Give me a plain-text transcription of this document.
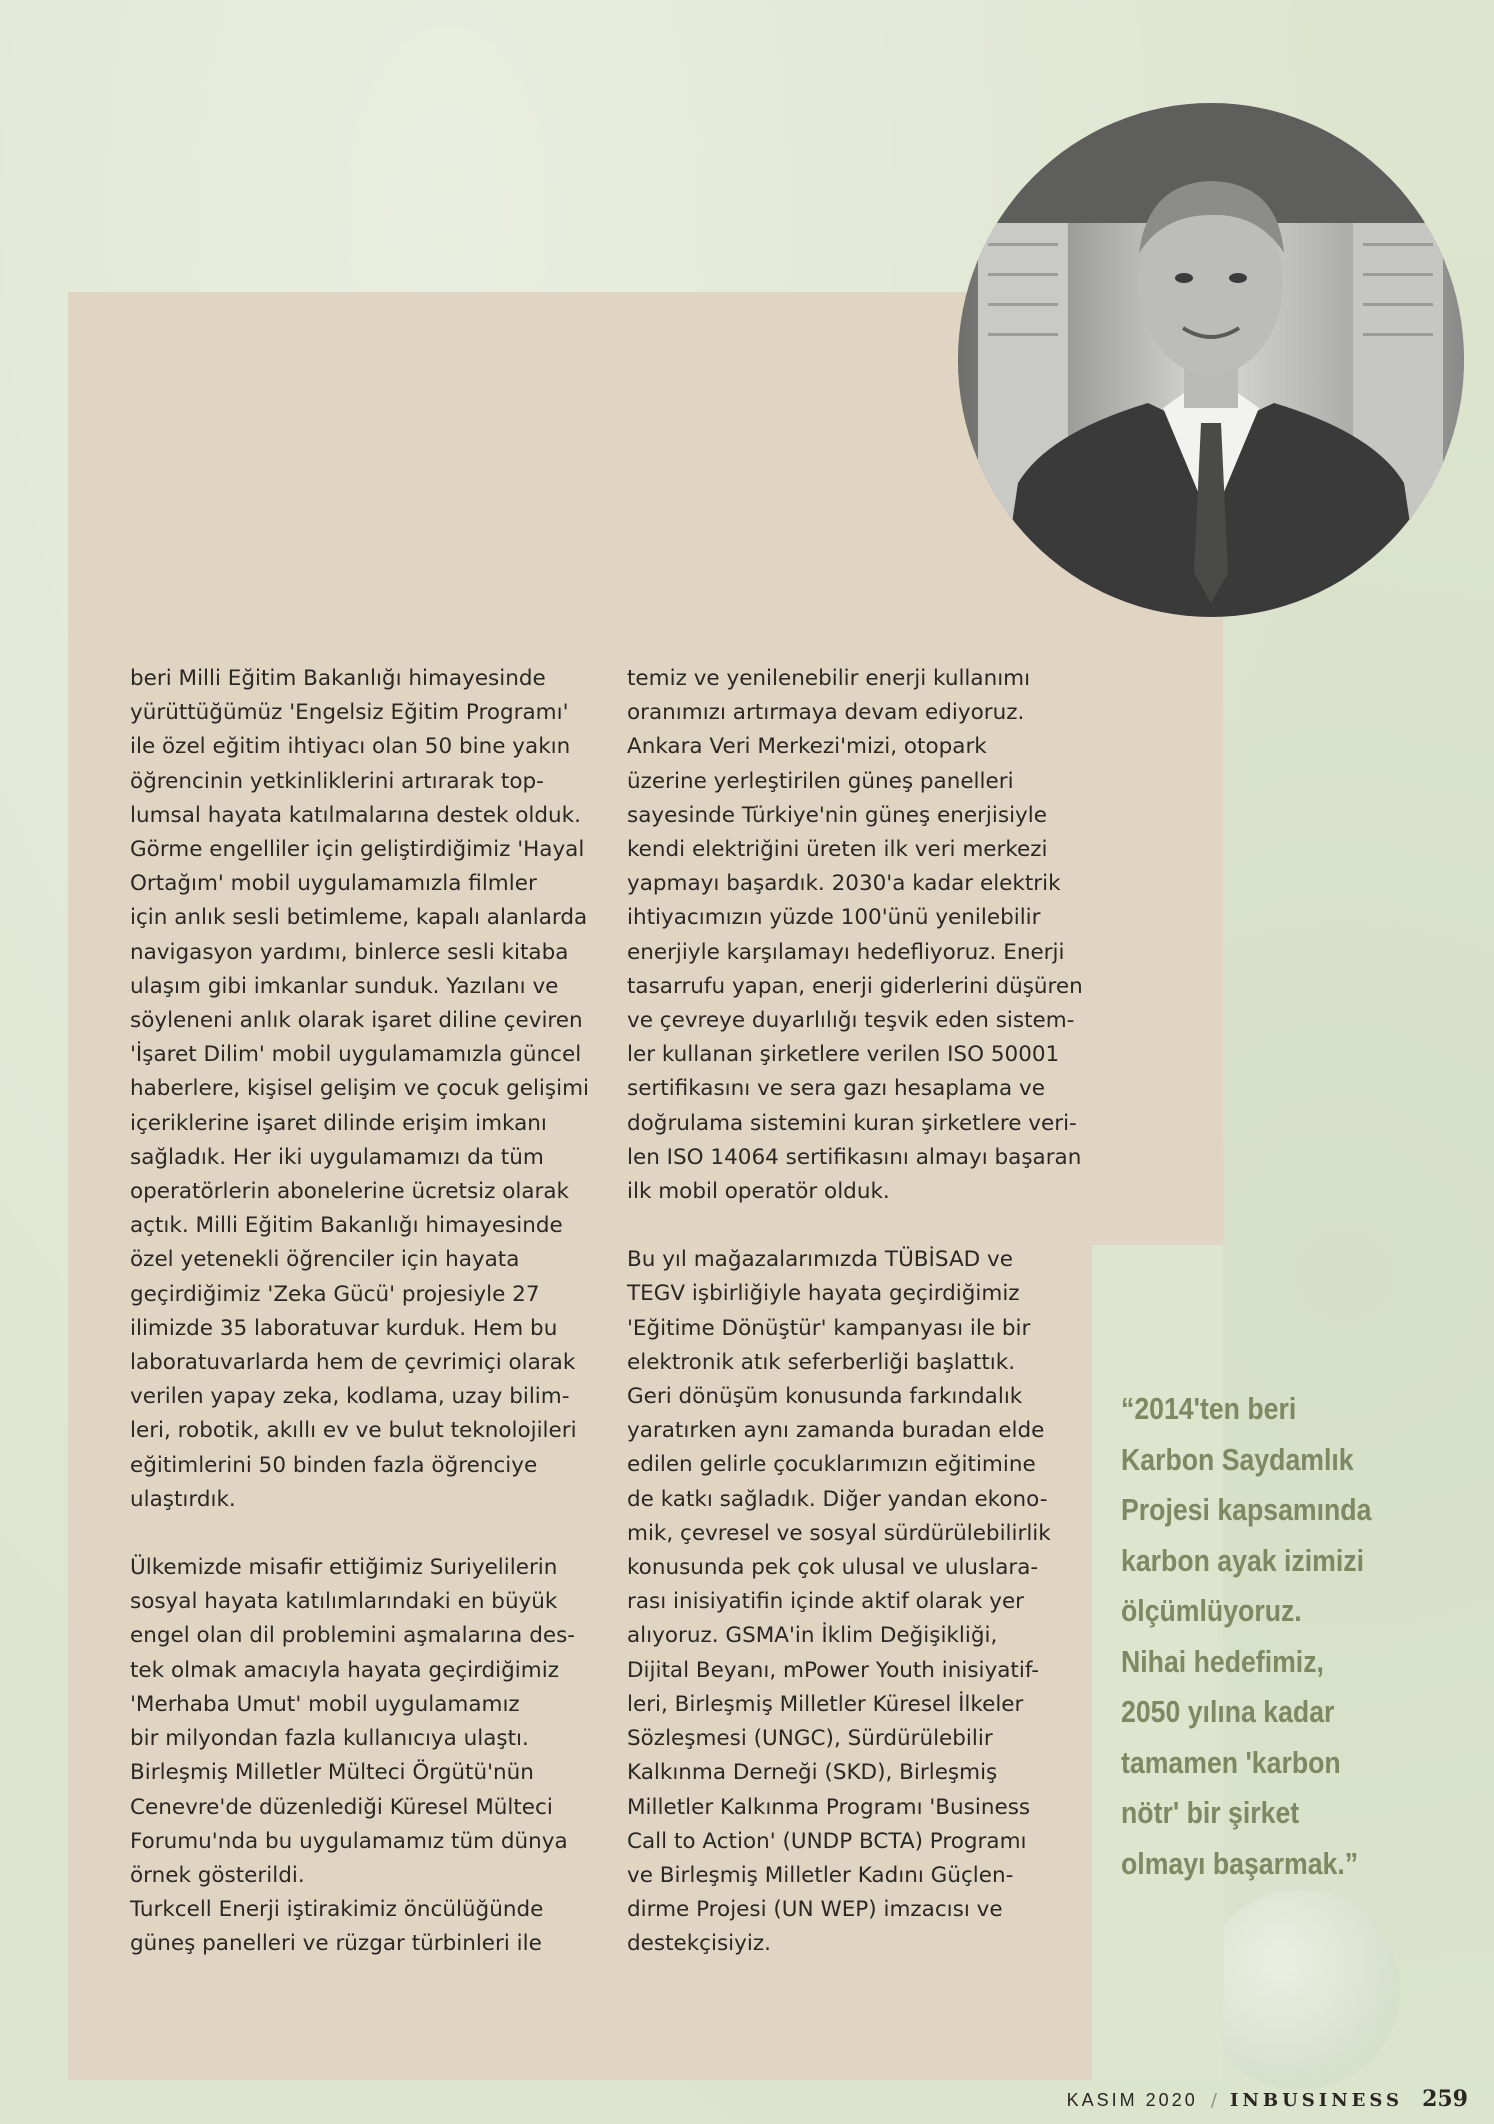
beri Milli Eğitim Bakanlığı himayesinde

yürüttüğümüz 'Engelsiz Eğitim Programı'

ile özel eğitim ihtiyacı olan 50 bine yakın

öğrencinin yetkinliklerini artırarak top-

lumsal hayata katılmalarına destek olduk.

Görme engelliler için geliştirdiğimiz 'Hayal

Ortağım' mobil uygulamamızla filmler

için anlık sesli betimleme, kapalı alanlarda

navigasyon yardımı, binlerce sesli kitaba

ulaşım gibi imkanlar sunduk. Yazılanı ve

söyleneni anlık olarak işaret diline çeviren

'İşaret Dilim' mobil uygulamamızla güncel

haberlere, kişisel gelişim ve çocuk gelişimi

içeriklerine işaret dilinde erişim imkanı

sağladık. Her iki uygulamamızı da tüm

operatörlerin abonelerine ücretsiz olarak

açtık. Milli Eğitim Bakanlığı himayesinde

özel yetenekli öğrenciler için hayata

geçirdiğimiz 'Zeka Gücü' projesiyle 27

ilimizde 35 laboratuvar kurduk. Hem bu

laboratuvarlarda hem de çevrimiçi olarak

verilen yapay zeka, kodlama, uzay bilim-

leri, robotik, akıllı ev ve bulut teknolojileri

eğitimlerini 50 binden fazla öğrenciye

ulaştırdık.

Ülkemizde misafir ettiğimiz Suriyelilerin

sosyal hayata katılımlarındaki en büyük

engel olan dil problemini aşmalarına des-

tek olmak amacıyla hayata geçirdiğimiz

'Merhaba Umut' mobil uygulamamız

bir milyondan fazla kullanıcıya ulaştı.

Birleşmiş Milletler Mülteci Örgütü'nün

Cenevre'de düzenlediği Küresel Mülteci

Forumu'nda bu uygulamamız tüm dünya

örnek gösterildi.

Turkcell Enerji iştirakimiz öncülüğünde

güneş panelleri ve rüzgar türbinleri ile

temiz ve yenilenebilir enerji kullanımı

oranımızı artırmaya devam ediyoruz.

Ankara Veri Merkezi'mizi, otopark

üzerine yerleştirilen güneş panelleri

sayesinde Türkiye'nin güneş enerjisiyle

kendi elektriğini üreten ilk veri merkezi

yapmayı başardık. 2030'a kadar elektrik

ihtiyacımızın yüzde 100'ünü yenilebilir

enerjiyle karşılamayı hedefliyoruz. Enerji

tasarrufu yapan, enerji giderlerini düşüren

ve çevreye duyarlılığı teşvik eden sistem-

ler kullanan şirketlere verilen ISO 50001

sertifikasını ve sera gazı hesaplama ve

doğrulama sistemini kuran şirketlere veri-

len ISO 14064 sertifikasını almayı başaran

ilk mobil operatör olduk.

Bu yıl mağazalarımızda TÜBİSAD ve

TEGV işbirliğiyle hayata geçirdiğimiz

'Eğitime Dönüştür' kampanyası ile bir

elektronik atık seferberliği başlattık.

Geri dönüşüm konusunda farkındalık

yaratırken aynı zamanda buradan elde

edilen gelirle çocuklarımızın eğitimine

de katkı sağladık. Diğer yandan ekono-

mik, çevresel ve sosyal sürdürülebilirlik

konusunda pek çok ulusal ve uluslara-

rası inisiyatifin içinde aktif olarak yer

alıyoruz. GSMA'in İklim Değişikliği,

Dijital Beyanı, mPower Youth inisiyatif-

leri, Birleşmiş Milletler Küresel İlkeler

Sözleşmesi (UNGC), Sürdürülebilir

Kalkınma Derneği (SKD), Birleşmiş

Milletler Kalkınma Programı 'Business

Call to Action' (UNDP BCTA) Programı

ve Birleşmiş Milletler Kadını Güçlen-

dirme Projesi (UN WEP) imzacısı ve

destekçisiyiz.

“2014'ten beri
Karbon Saydamlık
Projesi kapsamında
karbon ayak izimizi
ölçümlüyoruz.
Nihai hedefimiz,
2050 yılına kadar
tamamen 'karbon
nötr' bir şirket
olmayı başarmak.”
KASIM 2020 / INBUSINESS 259
